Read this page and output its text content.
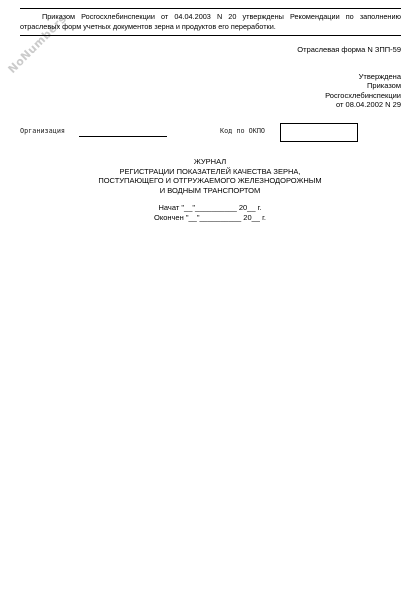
NoNumbers
Приказом Росгосхлебинспекции от 04.04.2003 N 20 утверждены Рекомендации по заполнению отраслевых форм учетных документов зерна и продуктов его переработки.
Отраслевая форма N ЗПП-59
Утверждена
Приказом
Росгосхлебинспекции
от 08.04.2002 N 29
Организация	Код по ОКПО
ЖУРНАЛ
РЕГИСТРАЦИИ ПОКАЗАТЕЛЕЙ КАЧЕСТВА ЗЕРНА,
ПОСТУПАЮЩЕГО И ОТГРУЖАЕМОГО ЖЕЛЕЗНОДОРОЖНЫМ
И ВОДНЫМ ТРАНСПОРТОМ
Начат "__"__________ 20__ г.
Окончен "__"__________ 20__ г.
